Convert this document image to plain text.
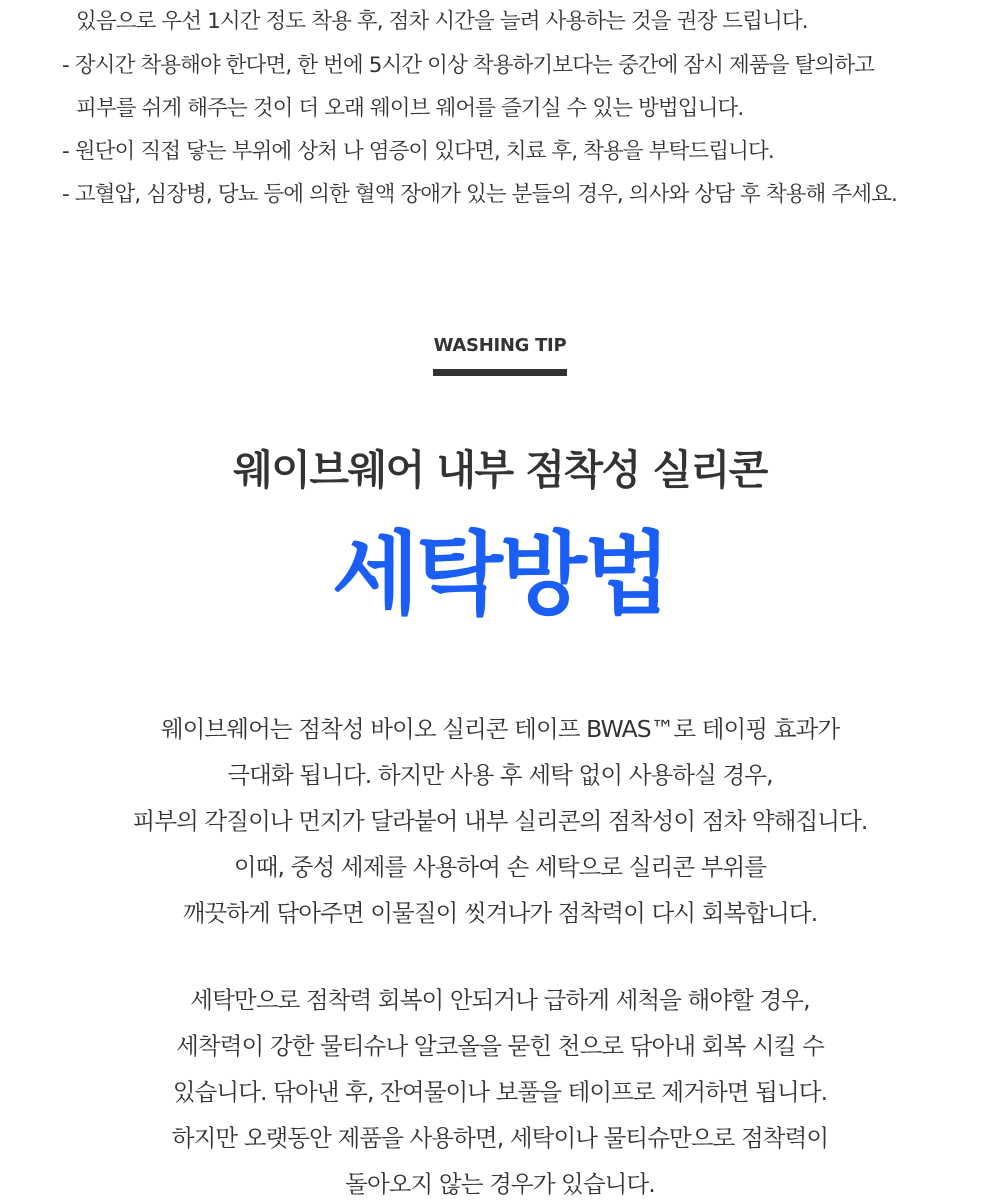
있음으로 우선 1시간 정도 착용 후, 점차 시간을 늘려 사용하는 것을 권장 드립니다.
- 장시간 착용해야 한다면, 한 번에 5시간 이상 착용하기보다는 중간에 잠시 제품을 탈의하고
피부를 쉬게 해주는 것이 더 오래 웨이브 웨어를 즐기실 수 있는 방법입니다.
- 원단이 직접 닿는 부위에 상처 나 염증이 있다면, 치료 후, 착용을 부탁드립니다.
- 고혈압, 심장병, 당뇨 등에 의한 혈액 장애가 있는 분들의 경우, 의사와 상담 후 착용해 주세요.
WASHING TIP
웨이브웨어 내부 점착성 실리콘
세탁방법
웨이브웨어는 점착성 바이오 실리콘 테이프 BWAS™로 테이핑 효과가
극대화 됩니다. 하지만 사용 후 세탁 없이 사용하실 경우,
피부의 각질이나 먼지가 달라붙어 내부 실리콘의 점착성이 점차 약해집니다.
이때, 중성 세제를 사용하여 손 세탁으로 실리콘 부위를
깨끗하게 닦아주면 이물질이 씻겨나가 점착력이 다시 회복합니다.
세탁만으로 점착력 회복이 안되거나 급하게 세척을 해야할 경우,
세착력이 강한 물티슈나 알코올을 묻힌 천으로 닦아내 회복 시킬 수
있습니다. 닦아낸 후, 잔여물이나 보풀을 테이프로 제거하면 됩니다.
하지만 오랫동안 제품을 사용하면, 세탁이나 물티슈만으로 점착력이
돌아오지 않는 경우가 있습니다.
